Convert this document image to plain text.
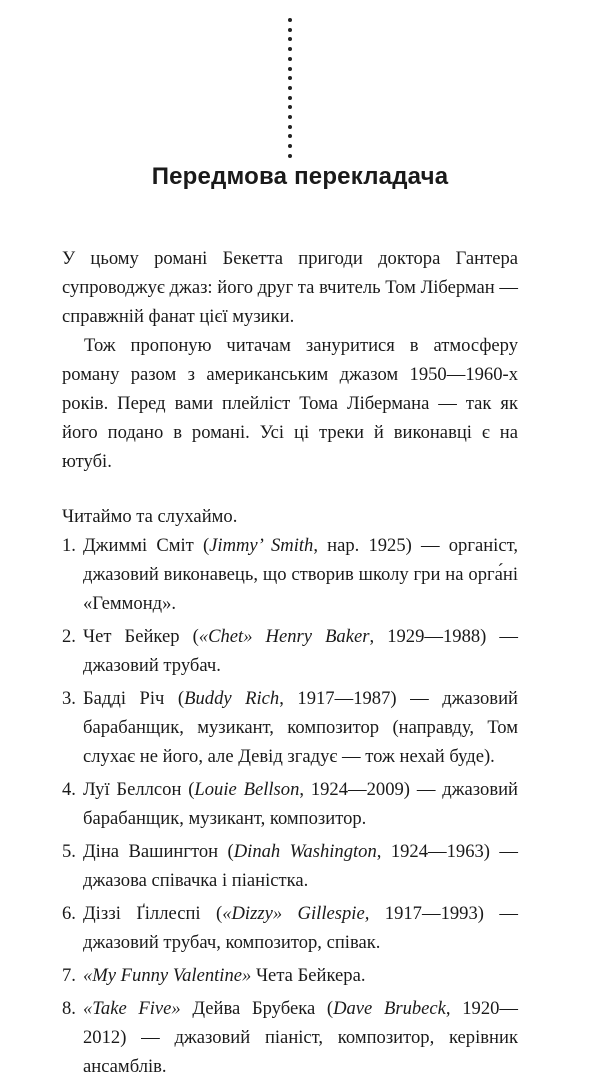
Передмова перекладача

У цьому романі Бекетта пригоди доктора Гантера супроводжує джаз: його друг та вчитель Том Ліберман — справжній фанат цієї музики.

Тож пропоную читачам зануритися в атмосферу роману разом з американським джазом 1950—1960-х років. Перед вами плейліст Тома Лібермана — так як його подано в романі. Усі ці треки й виконавці є на ютубі.

Читаймо та слухаймо.

1. Джиммі Сміт (Jimmy’ Smith, нар. 1925) — органіст, джазовий виконавець, що створив школу гри на орга́ні «Геммонд».
2. Чет Бейкер («Chet» Henry Baker, 1929—1988) — джазовий трубач.
3. Бадді Річ (Buddy Rich, 1917—1987) — джазовий барабанщик, музикант, композитор (направду, Том слухає не його, але Девід згадує — тож нехай буде).
4. Луї Беллсон (Louie Bellson, 1924—2009) — джазовий барабанщик, музикант, композитор.
5. Діна Вашингтон (Dinah Washington, 1924—1963) — джазова співачка і піаністка.
6. Діззі Ґіллеспі («Dizzy» Gillespie, 1917—1993) — джазовий трубач, композитор, співак.
7. «My Funny Valentine» Чета Бейкера.
8. «Take Five» Дейва Брубека (Dave Brubeck, 1920—2012) — джазовий піаніст, композитор, керівник ансамблів.
